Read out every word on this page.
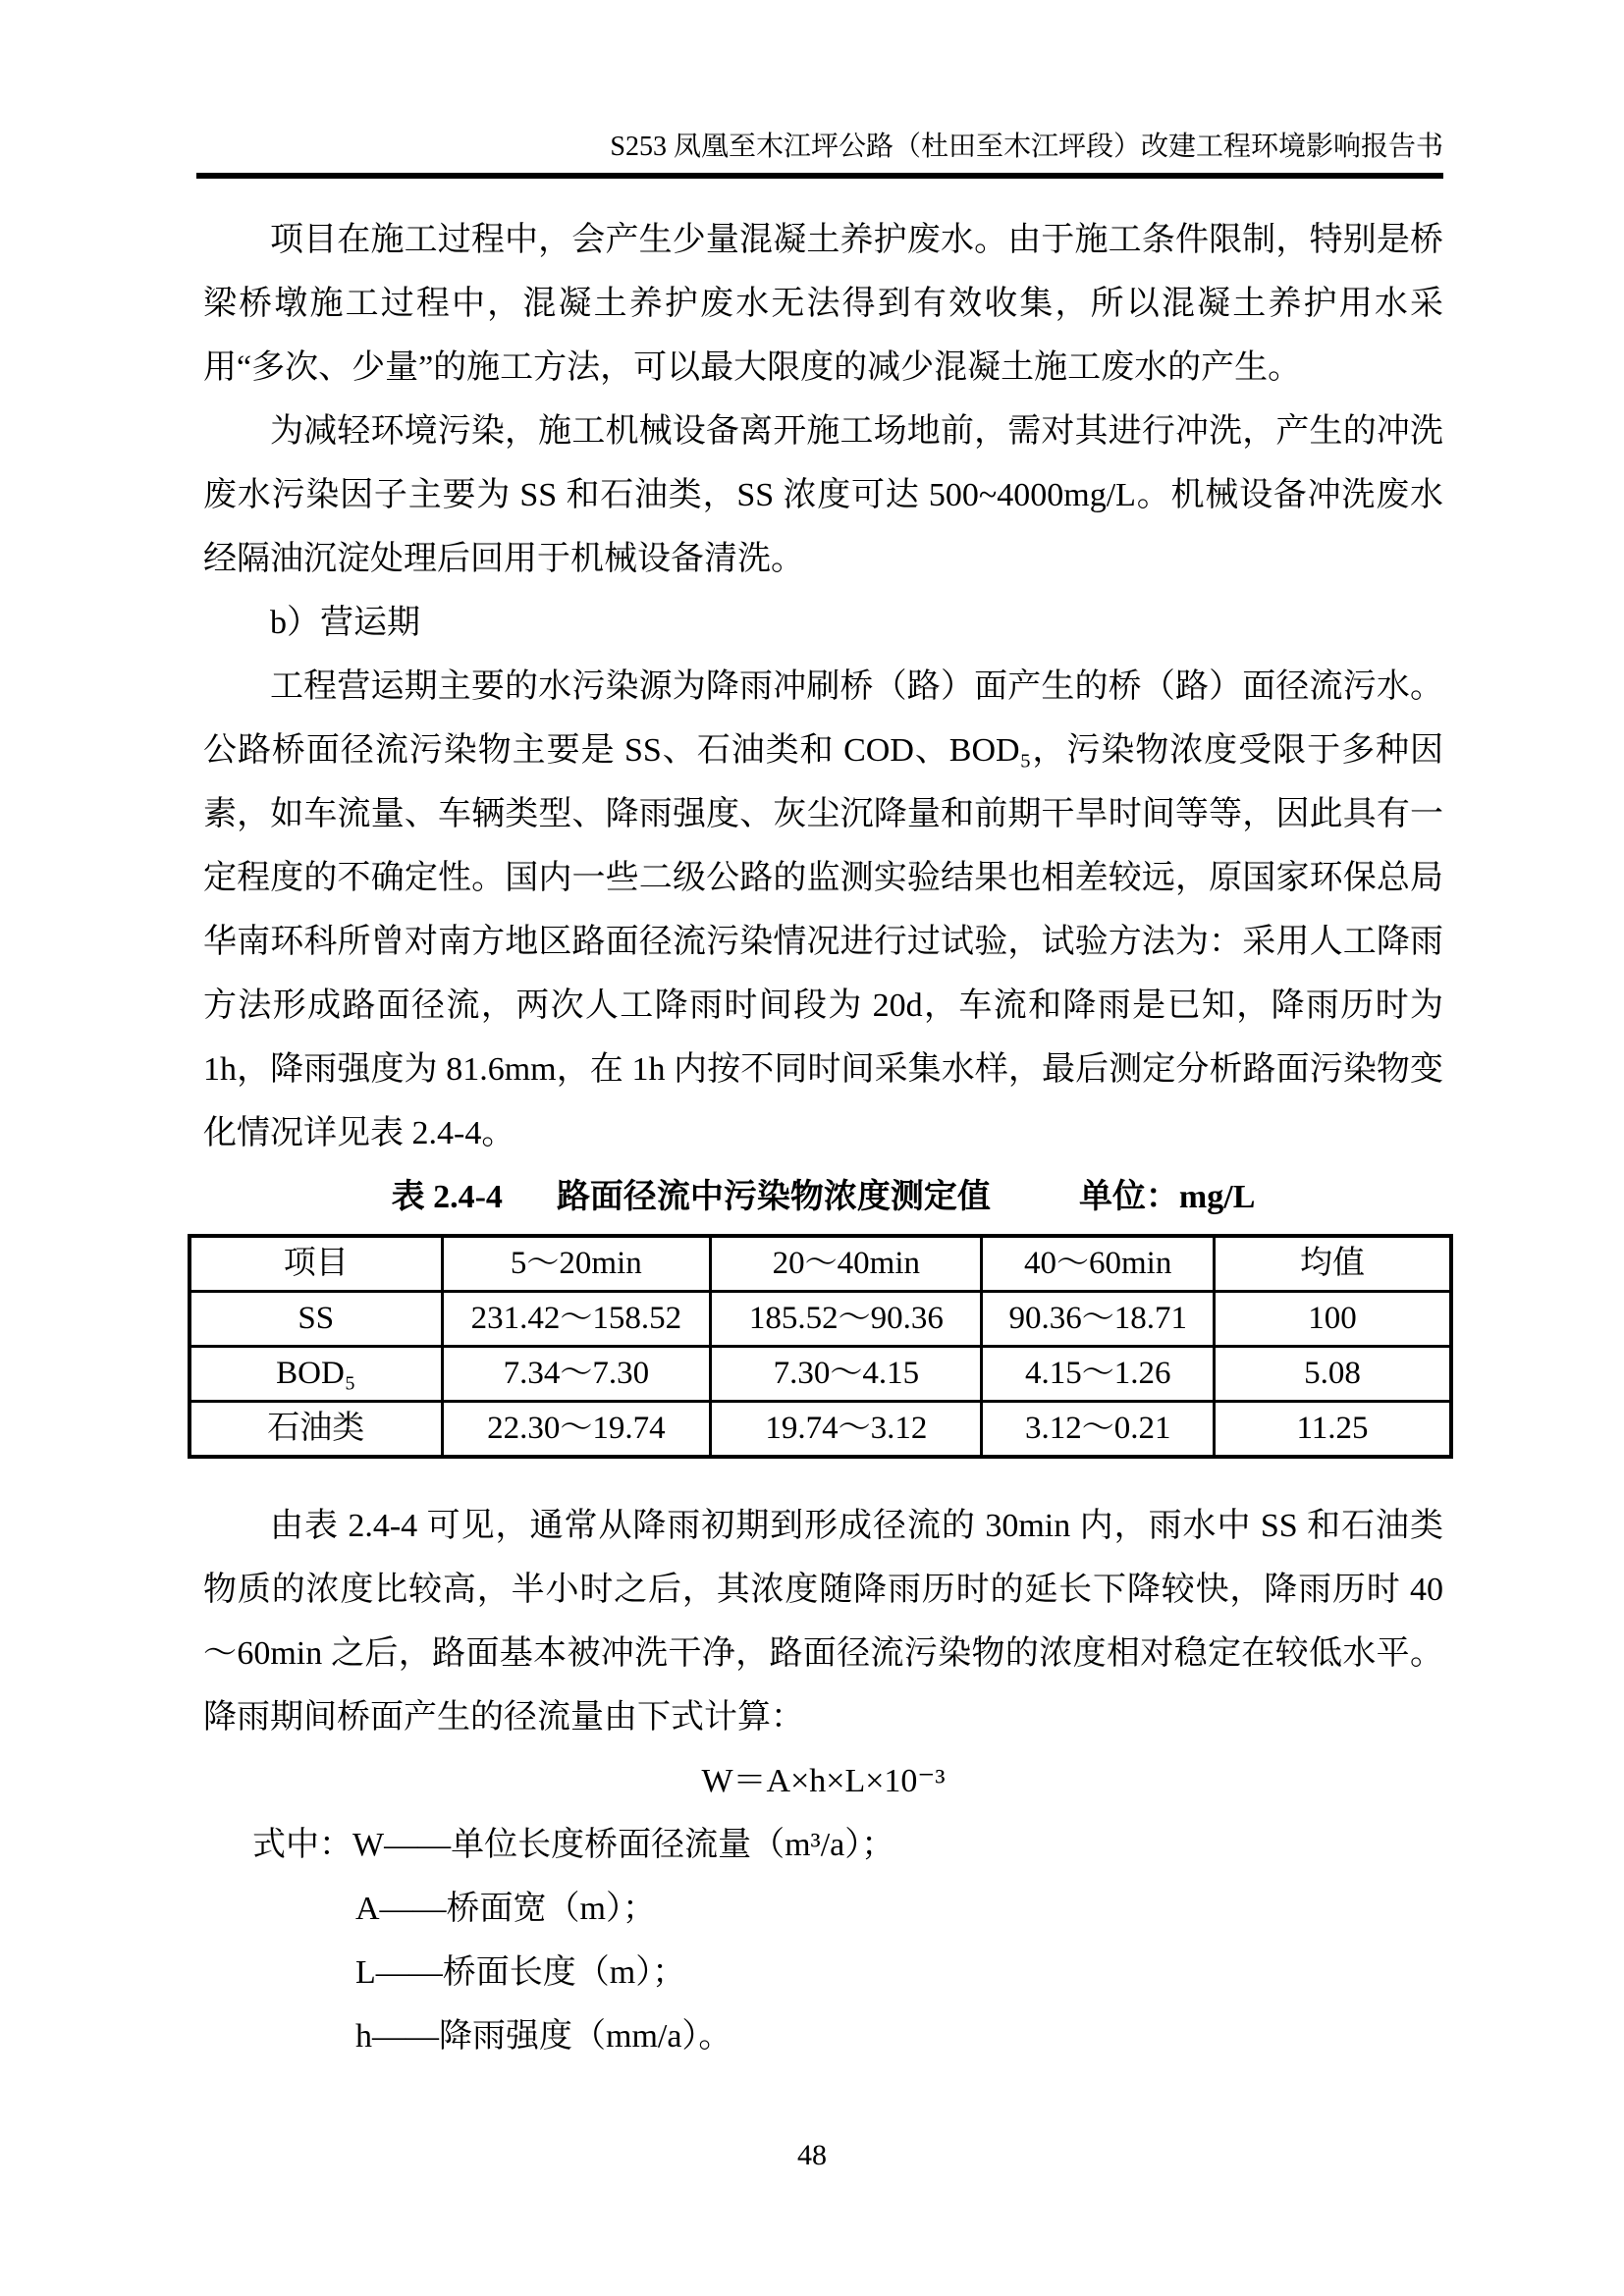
S253 凤凰至木江坪公路（杜田至木江坪段）改建工程环境影响报告书

项目在施工过程中，会产生少量混凝土养护废水。由于施工条件限制，特别是桥梁桥墩施工过程中，混凝土养护废水无法得到有效收集，所以混凝土养护用水采用“多次、少量”的施工方法，可以最大限度的减少混凝土施工废水的产生。

为减轻环境污染，施工机械设备离开施工场地前，需对其进行冲洗，产生的冲洗废水污染因子主要为 SS 和石油类，SS 浓度可达 500~4000mg/L。机械设备冲洗废水经隔油沉淀处理后回用于机械设备清洗。

b）营运期

工程营运期主要的水污染源为降雨冲刷桥（路）面产生的桥（路）面径流污水。公路桥面径流污染物主要是 SS、石油类和 COD、BOD₅，污染物浓度受限于多种因素，如车流量、车辆类型、降雨强度、灰尘沉降量和前期干旱时间等等，因此具有一定程度的不确定性。国内一些二级公路的监测实验结果也相差较远，原国家环保总局华南环科所曾对南方地区路面径流污染情况进行过试验，试验方法为：采用人工降雨方法形成路面径流，两次人工降雨时间段为 20d，车流和降雨是已知，降雨历时为 1h，降雨强度为 81.6mm，在 1h 内按不同时间采集水样，最后测定分析路面污染物变化情况详见表 2.4-4。

表 2.4-4 路面径流中污染物浓度测定值	单位：mg/L
项目	5～20min	20～40min	40～60min	均值
SS	231.42～158.52	185.52～90.36	90.36～18.71	100
BOD₅	7.34～7.30	7.30～4.15	4.15～1.26	5.08
石油类	22.30～19.74	19.74～3.12	3.12～0.21	11.25

由表 2.4-4 可见，通常从降雨初期到形成径流的 30min 内，雨水中 SS 和石油类物质的浓度比较高，半小时之后，其浓度随降雨历时的延长下降较快，降雨历时 40～60min 之后，路面基本被冲洗干净，路面径流污染物的浓度相对稳定在较低水平。降雨期间桥面产生的径流量由下式计算：

W＝A×h×L×10⁻³
式中：W——单位长度桥面径流量（m³/a）；
A——桥面宽（m）；
L——桥面长度（m）；
h——降雨强度（mm/a）。
48
